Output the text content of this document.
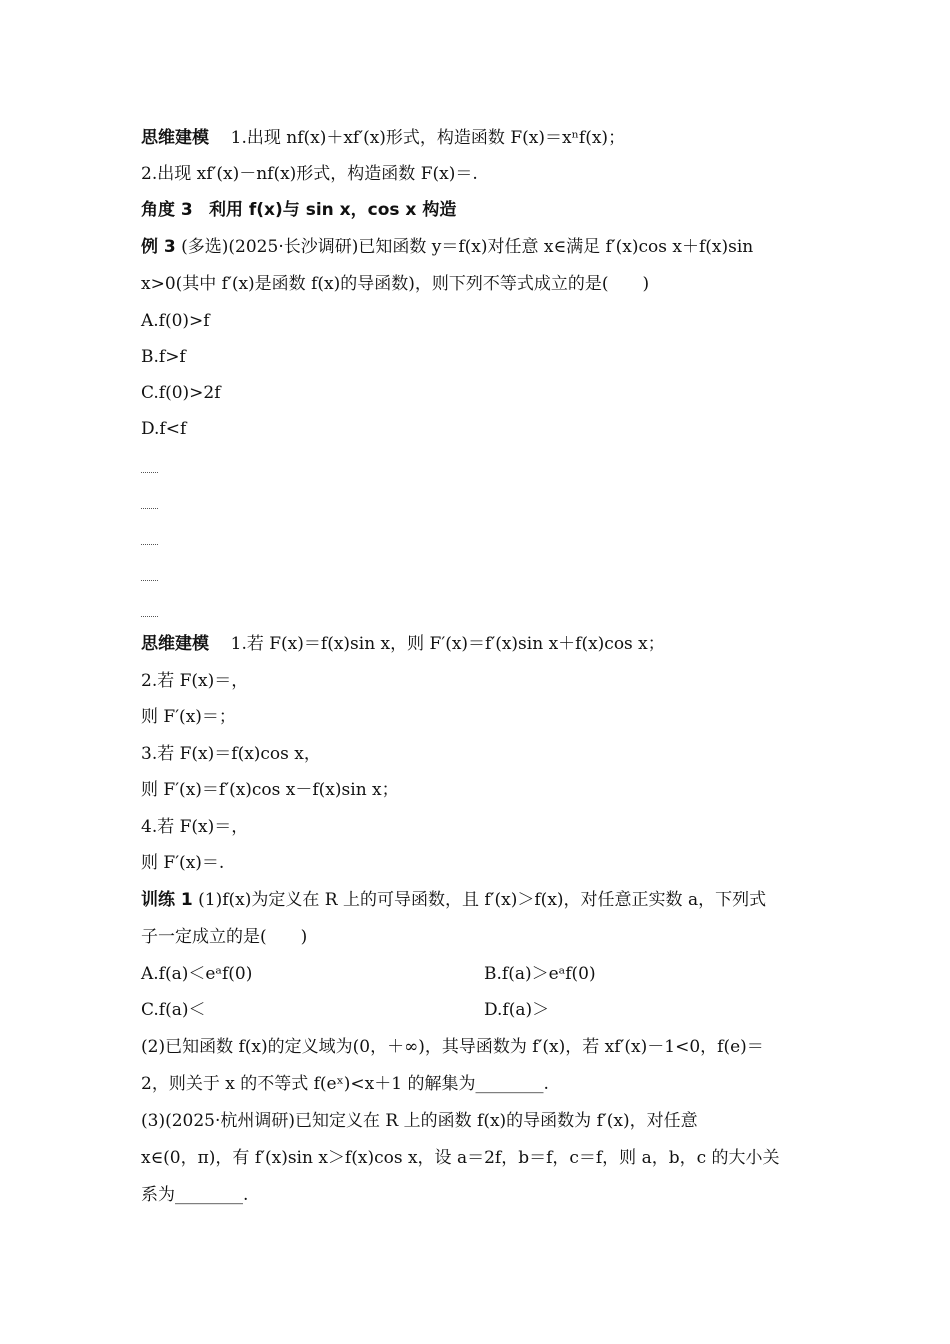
思维建模 1.出现 nf(x)＋xf′(x)形式，构造函数 F(x)＝xⁿf(x)；
2.出现 xf′(x)－nf(x)形式，构造函数 F(x)＝.
角度 3 利用 f(x)与 sin x，cos x 构造
例 3 (多选)(2025·长沙调研)已知函数 y＝f(x)对任意 x∈满足 f′(x)cos x＋f(x)sin
x>0(其中 f′(x)是函数 f(x)的导函数)，则下列不等式成立的是(　　)
A.f(0)>f
B.f>f
C.f(0)>2f
D.f<f
思维建模 1.若 F(x)＝f(x)sin x，则 F′(x)＝f′(x)sin x＋f(x)cos x；
2.若 F(x)＝，
则 F′(x)＝；
3.若 F(x)＝f(x)cos x，
则 F′(x)＝f′(x)cos x－f(x)sin x；
4.若 F(x)＝，
则 F′(x)＝.
训练 1 (1)f(x)为定义在 R 上的可导函数，且 f′(x)＞f(x)，对任意正实数 a，下列式
子一定成立的是(　　)
A.f(a)＜eᵃf(0)	B.f(a)＞eᵃf(0)
C.f(a)＜	D.f(a)＞
(2)已知函数 f(x)的定义域为(0，＋∞)，其导函数为 f′(x)，若 xf′(x)－1<0，f(e)＝
2，则关于 x 的不等式 f(eˣ)<x＋1 的解集为________.
(3)(2025·杭州调研)已知定义在 R 上的函数 f(x)的导函数为 f′(x)，对任意
x∈(0，π)，有 f′(x)sin x＞f(x)cos x，设 a＝2f，b＝f，c＝f，则 a，b，c 的大小关
系为________.
